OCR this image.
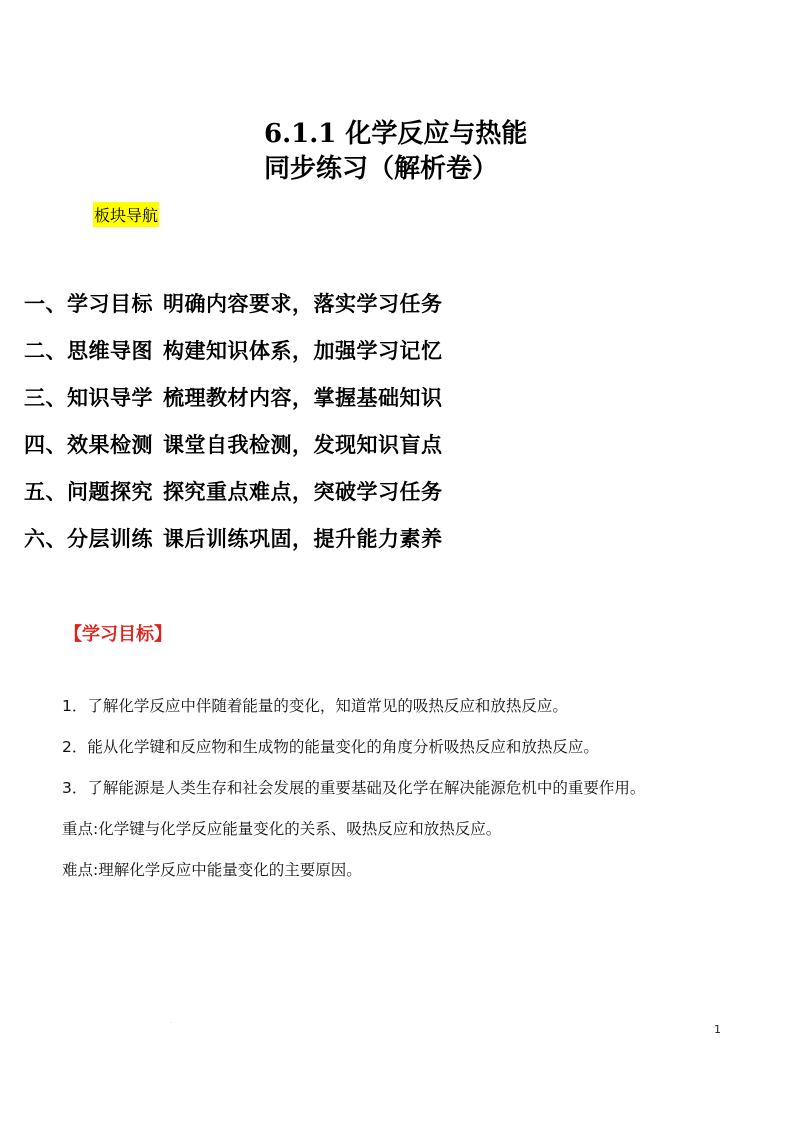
6.1.1 化学反应与热能
同步练习（解析卷）
板块导航
一、学习目标 明确内容要求，落实学习任务
二、思维导图 构建知识体系，加强学习记忆
三、知识导学 梳理教材内容，掌握基础知识
四、效果检测 课堂自我检测，发现知识盲点
五、问题探究 探究重点难点，突破学习任务
六、分层训练 课后训练巩固，提升能力素养
【学习目标】

1．了解化学反应中伴随着能量的变化，知道常见的吸热反应和放热反应。

2．能从化学键和反应物和生成物的能量变化的角度分析吸热反应和放热反应。

3．了解能源是人类生存和社会发展的重要基础及化学在解决能源危机中的重要作用。

重点:化学键与化学反应能量变化的关系、吸热反应和放热反应。

难点:理解化学反应中能量变化的主要原因。

·	1
